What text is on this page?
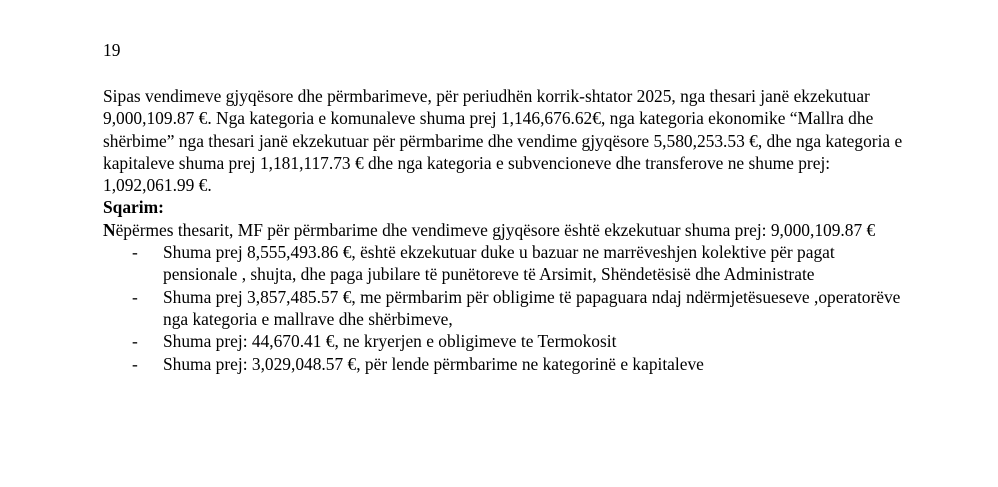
19

Sipas vendimeve gjyqësore dhe përmbarimeve, për periudhën korrik-shtator 2025, nga thesari janë ekzekutuar 9,000,109.87 €. Nga kategoria e komunaleve shuma prej 1,146,676.62€, nga kategoria ekonomike “Mallra dhe shërbime” nga thesari janë ekzekutuar për përmbarime dhe vendime gjyqësore 5,580,253.53 €, dhe nga kategoria e kapitaleve shuma prej 1,181,117.73 € dhe nga kategoria e subvencioneve dhe transferove ne shume prej: 1,092,061.99 €.

Sqarim:

Nëpërmes thesarit, MF për përmbarime dhe vendimeve gjyqësore është ekzekutuar shuma prej: 9,000,109.87 €

- Shuma prej 8,555,493.86 €, është ekzekutuar duke u bazuar ne marrëveshjen kolektive për pagat pensionale , shujta, dhe paga jubilare të punëtoreve të Arsimit, Shëndetësisë dhe Administrate
- Shuma prej 3,857,485.57 €, me përmbarim për obligime të papaguara ndaj ndërmjetësueseve ,operatorëve nga kategoria e mallrave dhe shërbimeve,
- Shuma prej: 44,670.41 €, ne kryerjen e obligimeve te Termokosit
- Shuma prej: 3,029,048.57 €, për lende përmbarime ne kategorinë e kapitaleve
